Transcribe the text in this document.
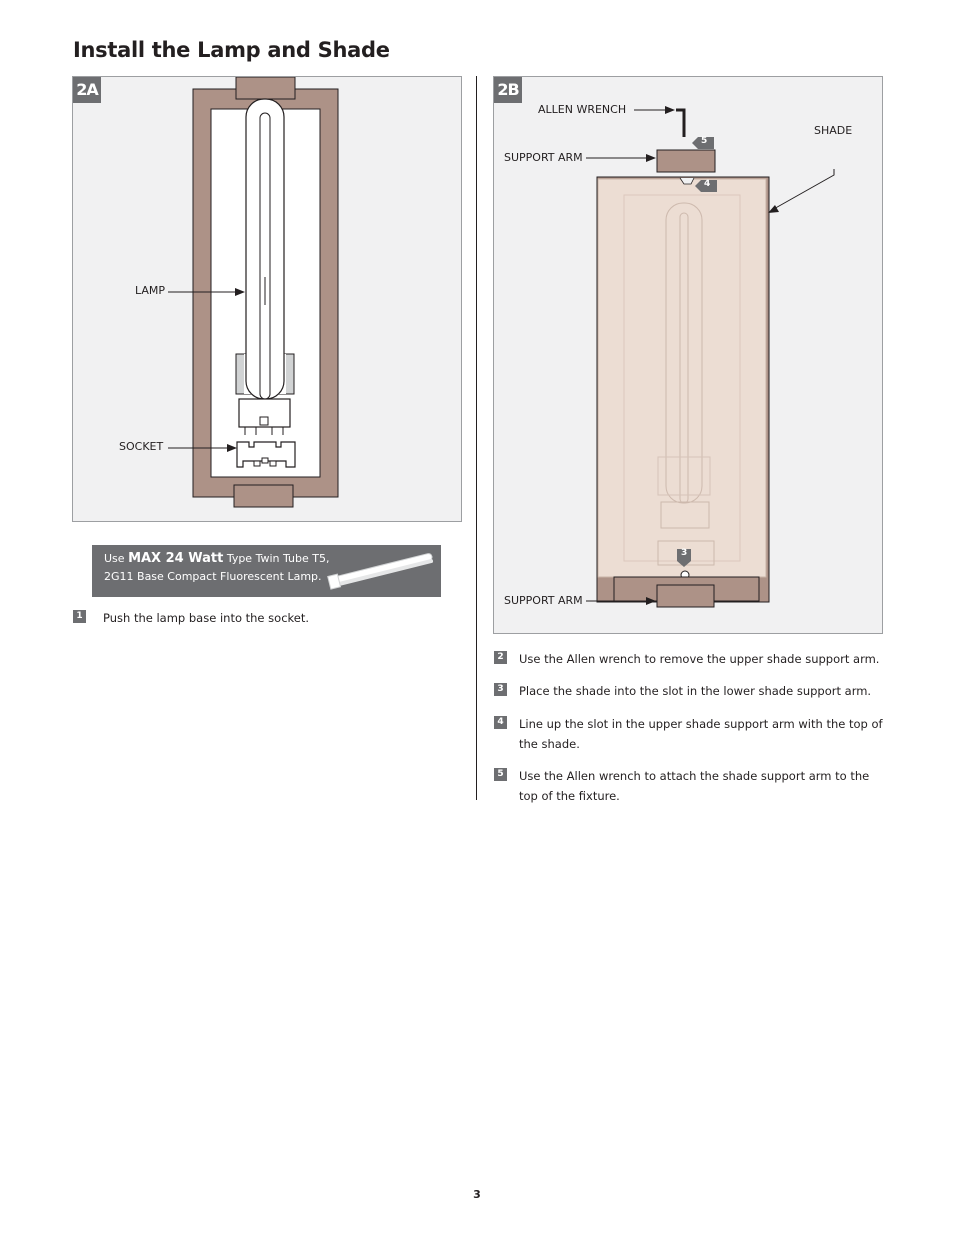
Install the Lamp and Shade
2A
LAMP
SOCKET
2B
ALLEN WRENCH
SHADE
SUPPORT ARM
SUPPORT ARM
5
4
3
Use MAX 24 Watt Type Twin Tube T5,
2G11 Base Compact Fluorescent Lamp.
1 Push the lamp base into the socket.
2 Use the Allen wrench to remove the upper shade support arm.
3 Place the shade into the slot in the lower shade support arm.
4 Line up the slot in the upper shade support arm with the top of the shade.
5 Use the Allen wrench to attach the shade support arm to the top of the fixture.
3
